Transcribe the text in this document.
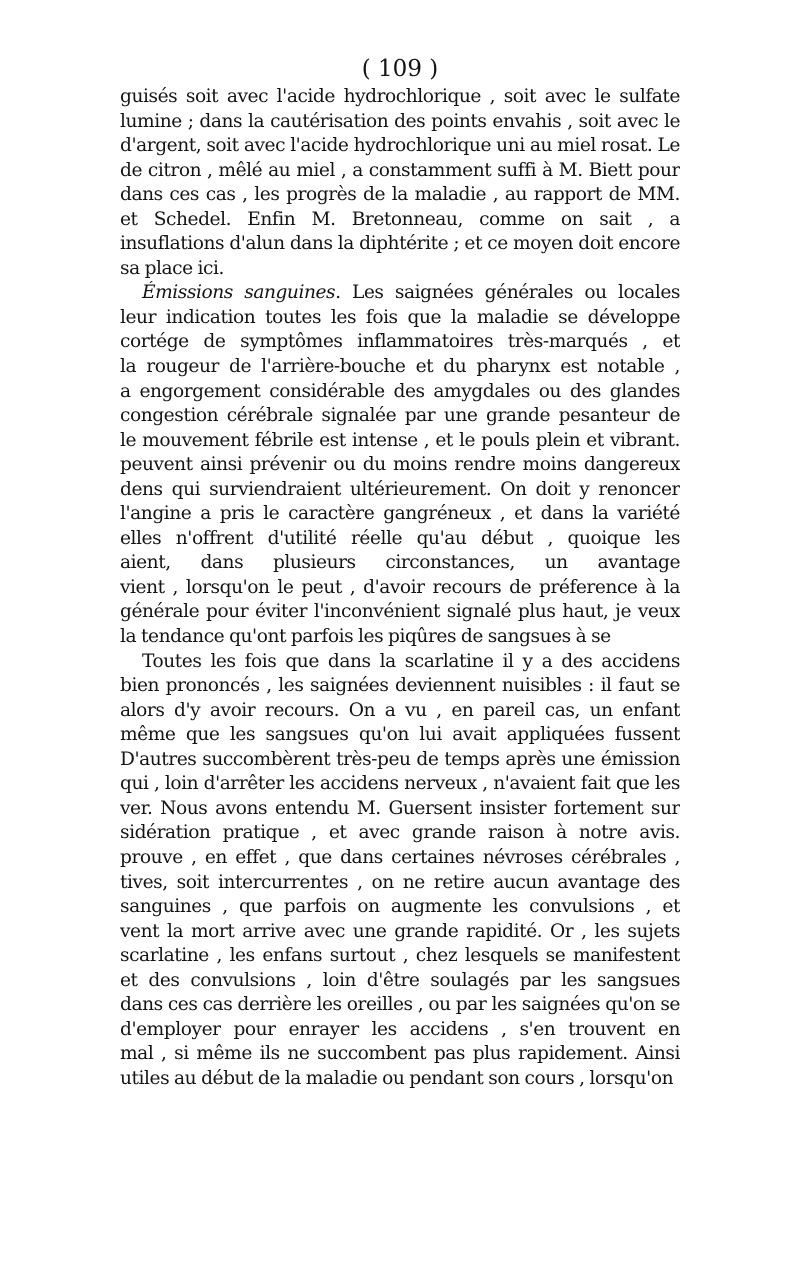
( 109 )
guisés soit avec l'acide hydrochlorique , soit avec le sulfate
lumine ; dans la cautérisation des points envahis , soit avec le
d'argent, soit avec l'acide hydrochlorique uni au miel rosat. Le
de citron , mêlé au miel , a constamment suffi à M. Biett pour
dans ces cas , les progrès de la maladie , au rapport de MM.
et Schedel. Enfin M. Bretonneau, comme on sait , a
insuflations d'alun dans la diphtérite ; et ce moyen doit encore
sa place ici.
Émissions sanguines. Les saignées générales ou locales
leur indication toutes les fois que la maladie se développe
cortége de symptômes inflammatoires très-marqués , et
la rougeur de l'arrière-bouche et du pharynx est notable ,
a engorgement considérable des amygdales ou des glandes
congestion cérébrale signalée par une grande pesanteur de
le mouvement fébrile est intense , et le pouls plein et vibrant.
peuvent ainsi prévenir ou du moins rendre moins dangereux
dens qui surviendraient ultérieurement. On doit y renoncer
l'angine a pris le caractère gangréneux , et dans la variété
elles n'offrent d'utilité réelle qu'au début , quoique les
aient, dans plusieurs circonstances, un avantage
vient , lorsqu'on le peut , d'avoir recours de préference à la
générale pour éviter l'inconvénient signalé plus haut, je veux
la tendance qu'ont parfois les piqûres de sangsues à se
Toutes les fois que dans la scarlatine il y a des accidens
bien prononcés , les saignées deviennent nuisibles : il faut se
alors d'y avoir recours. On a vu , en pareil cas, un enfant
même que les sangsues qu'on lui avait appliquées fussent
D'autres succombèrent très-peu de temps après une émission
qui , loin d'arrêter les accidens nerveux , n'avaient fait que les
ver. Nous avons entendu M. Guersent insister fortement sur
sidération pratique , et avec grande raison à notre avis.
prouve , en effet , que dans certaines névroses cérébrales ,
tives, soit intercurrentes , on ne retire aucun avantage des
sanguines , que parfois on augmente les convulsions , et
vent la mort arrive avec une grande rapidité. Or , les sujets
scarlatine , les enfans surtout , chez lesquels se manifestent
et des convulsions , loin d'être soulagés par les sangsues
dans ces cas derrière les oreilles , ou par les saignées qu'on se
d'employer pour enrayer les accidens , s'en trouvent en
mal , si même ils ne succombent pas plus rapidement. Ainsi
utiles au début de la maladie ou pendant son cours , lorsqu'on
